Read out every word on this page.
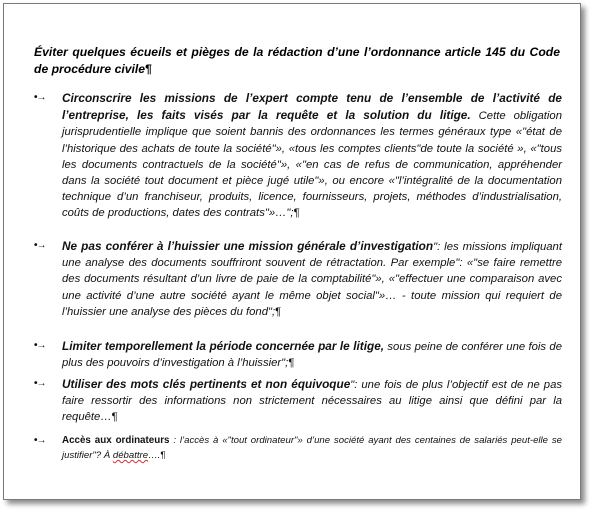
Éviter quelques écueils et pièges de la rédaction d’une l’ordonnance article 145 du Code de procédure civile¶
•→ Circonscrire les missions de l’expert compte tenu de l’ensemble de l’activité de l’entreprise, les faits visés par la requête et la solution du litige. Cette obligation jurisprudentielle implique que soient bannis des ordonnances les termes généraux type «"état de l’historique des achats de toute la société"», «tous les comptes clients"de toute la société », «"tous les documents contractuels de la société"», «"en cas de refus de communication, appréhender dans la société tout document et pièce jugé utile"», ou encore «"l’intégralité de la documentation technique d’un franchiseur, produits, licence, fournisseurs, projets, méthodes d’industrialisation, coûts de productions, dates des contrats"»…";¶
•→ Ne pas conférer à l’huissier une mission générale d’investigation": les missions impliquant une analyse des documents souffriront souvent de rétractation. Par exemple": «"se faire remettre des documents résultant d’un livre de paie de la comptabilité"», «"effectuer une comparaison avec une activité d’une autre société ayant le même objet social"»… - toute mission qui requiert de l’huissier une analyse des pièces du fond";¶
•→ Limiter temporellement la période concernée par le litige, sous peine de conférer une fois de plus des pouvoirs d’investigation à l’huissier";¶
•→ Utiliser des mots clés pertinents et non équivoque": une fois de plus l’objectif est de ne pas faire ressortir des informations non strictement nécessaires au litige ainsi que défini par la requête…¶
•→ Accès aux ordinateurs : l’accès à «"tout ordinateur"» d’une société ayant des centaines de salariés peut-elle se justifier"? À débattre….¶
